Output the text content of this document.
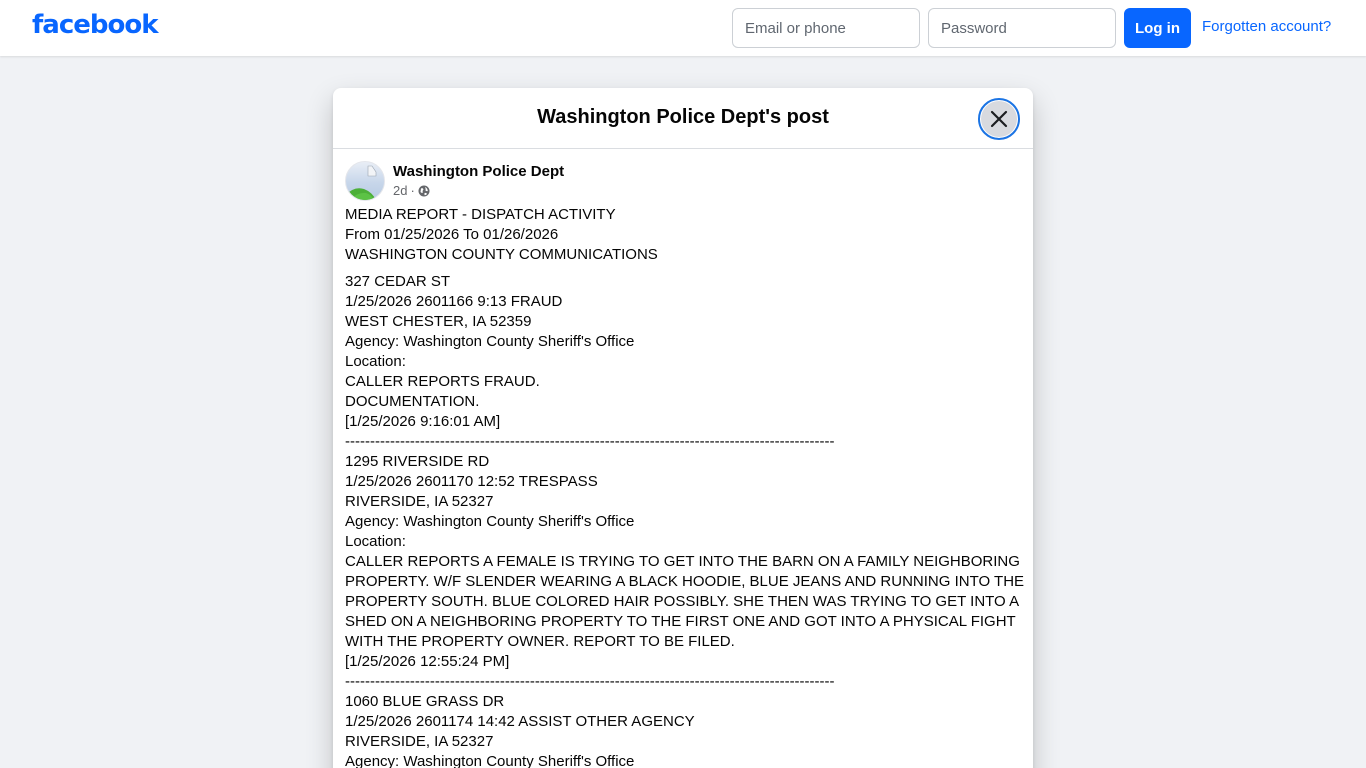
facebook
Email or phone	Log in	Forgotten account?
Washington Police Dept's post
Washington Police Dept
2d ·
MEDIA REPORT - DISPATCH ACTIVITY
From 01/25/2026 To 01/26/2026
WASHINGTON COUNTY COMMUNICATIONS
327 CEDAR ST
1/25/2026 2601166 9:13 FRAUD
WEST CHESTER, IA 52359
Agency: Washington County Sheriff's Office
Location:
CALLER REPORTS FRAUD.
DOCUMENTATION.
[1/25/2026 9:16:01 AM]
--------------------------------------------------------------------------------------------------
1295 RIVERSIDE RD
1/25/2026 2601170 12:52 TRESPASS
RIVERSIDE, IA 52327
Agency: Washington County Sheriff's Office
Location:
CALLER REPORTS A FEMALE IS TRYING TO GET INTO THE BARN ON A FAMILY NEIGHBORING
PROPERTY. W/F SLENDER WEARING A BLACK HOODIE, BLUE JEANS AND RUNNING INTO THE
PROPERTY SOUTH. BLUE COLORED HAIR POSSIBLY. SHE THEN WAS TRYING TO GET INTO A
SHED ON A NEIGHBORING PROPERTY TO THE FIRST ONE AND GOT INTO A PHYSICAL FIGHT
WITH THE PROPERTY OWNER. REPORT TO BE FILED.
[1/25/2026 12:55:24 PM]
--------------------------------------------------------------------------------------------------
1060 BLUE GRASS DR
1/25/2026 2601174 14:42 ASSIST OTHER AGENCY
RIVERSIDE, IA 52327
Agency: Washington County Sheriff's Office
